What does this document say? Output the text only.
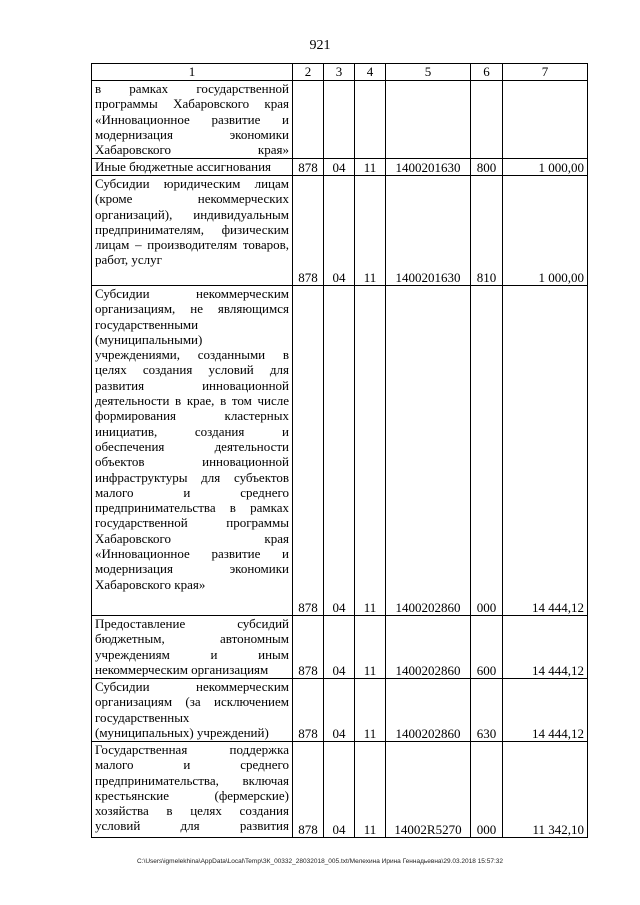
921
1	2	3	4	5	6	7
в рамках государственной программы Хабаровского края «Инновационное развитие и модернизация экономики Хабаровского края»						
Иные бюджетные ассигнования	878	04	11	1400201630	800	1 000,00
Субсидии юридическим лицам (кроме некоммерческих организаций), индивидуальным предпринимателям, физическим лицам – производителям товаров, работ, услуг	878	04	11	1400201630	810	1 000,00
Субсидии некоммерческим организациям, не являющимся государственными (муниципальными) учреждениями, созданными в целях создания условий для развития инновационной деятельности в крае, в том числе формирования кластерных инициатив, создания и обеспечения деятельности объектов инновационной инфраструктуры для субъектов малого и среднего предпринимательства в рамках государственной программы Хабаровского края «Инновационное развитие и модернизация экономики Хабаровского края»	878	04	11	1400202860	000	14 444,12
Предоставление субсидий бюджетным, автономным учреждениям и иным некоммерческим организациям	878	04	11	1400202860	600	14 444,12
Субсидии некоммерческим организациям (за исключением государственных (муниципальных) учреждений)	878	04	11	1400202860	630	14 444,12
Государственная поддержка малого и среднего предпринимательства, включая крестьянские (фермерские) хозяйства в целях создания условий для развития	878	04	11	14002R5270	000	11 342,10
C:\Users\igmelekhina\AppData\Local\Temp\ЗК_00332_28032018_005.txt/Мелехина Ирина Геннадьевна\29.03.2018 15:57:32
